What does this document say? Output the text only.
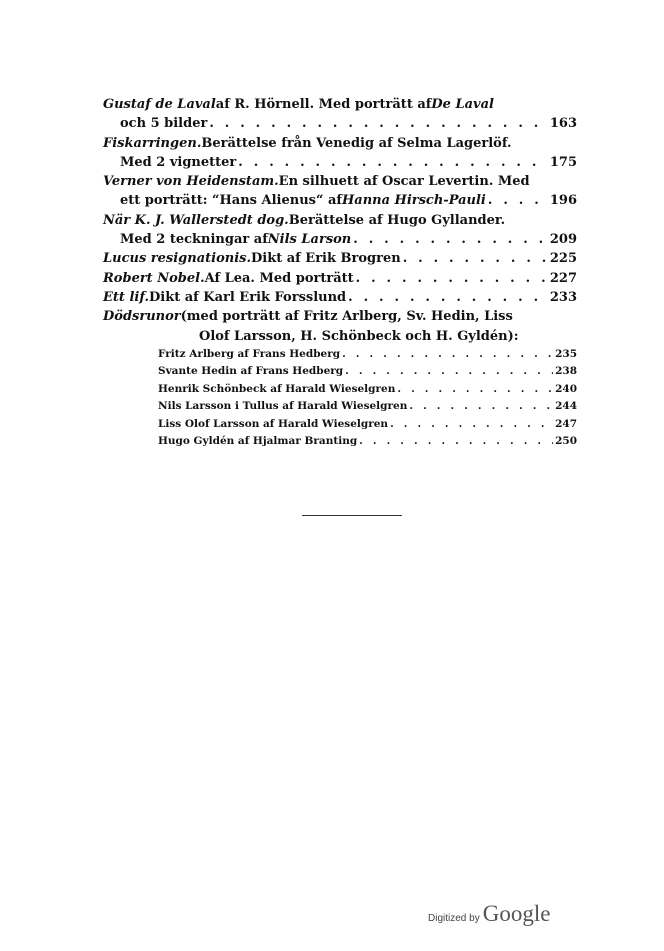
Gustaf de Laval af R. Hörnell. Med porträtt af De Laval
och 5 bilder . . .	163
Fiskarringen. Berättelse från Venedig af Selma Lagerlöf.
Med 2 vignetter . . .	175
Verner von Heidenstam. En silhuett af Oscar Levertin. Med
ett porträtt: “Hans Alienus“ af Hanna Hirsch-Pauli . . .	196
När K. J. Wallerstedt dog. Berättelse af Hugo Gyllander.
Med 2 teckningar af Nils Larson . . .	209
Lucus resignationis. Dikt af Erik Brogren . . .	225
Robert Nobel. Af Lea. Med porträtt . . .	227
Ett lif. Dikt af Karl Erik Forsslund . . .	233
Dödsrunor (med porträtt af Fritz Arlberg, Sv. Hedin, Liss
Olof Larsson, H. Schönbeck och H. Gyldén):
Fritz Arlberg af Frans Hedberg . . .	235
Svante Hedin af Frans Hedberg . . .	238
Henrik Schönbeck af Harald Wieselgren . . .	240
Nils Larsson i Tullus af Harald Wieselgren . . .	244
Liss Olof Larsson af Harald Wieselgren . . .	247
Hugo Gyldén af Hjalmar Branting . . .	250
Digitized by Google
